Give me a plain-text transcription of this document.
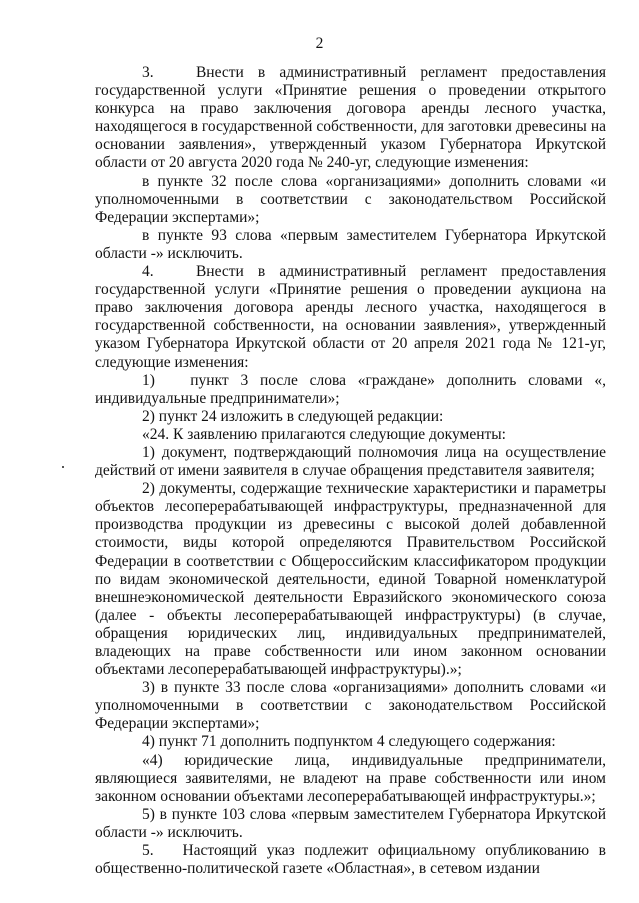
2

3.   Внести в административный регламент предоставления государственной услуги «Принятие решения о проведении открытого конкурса на право заключения договора аренды лесного участка, находящегося в государственной собственности, для заготовки древесины на основании заявления», утвержденный указом Губернатора Иркутской области от 20 августа 2020 года № 240-уг, следующие изменения:

в пункте 32 после слова «организациями» дополнить словами «и уполномоченными в соответствии с законодательством Российской Федерации экспертами»;

в пункте 93 слова «первым заместителем Губернатора Иркутской области -» исключить.

4.   Внести в административный регламент предоставления государственной услуги «Принятие решения о проведении аукциона на право заключения договора аренды лесного участка, находящегося в государственной собственности, на основании заявления», утвержденный указом Губернатора Иркутской области от 20 апреля 2021 года № 121-уг, следующие изменения:

1)   пункт 3 после слова «граждане» дополнить словами «, индивидуальные предприниматели»;

2) пункт 24 изложить в следующей редакции:

«24. К заявлению прилагаются следующие документы:

1) документ, подтверждающий полномочия лица на осуществление действий от имени заявителя в случае обращения представителя заявителя;

2) документы, содержащие технические характеристики и параметры объектов лесоперерабатывающей инфраструктуры, предназначенной для производства продукции из древесины с высокой долей добавленной стоимости, виды которой определяются Правительством Российской Федерации в соответствии с Общероссийским классификатором продукции по видам экономической деятельности, единой Товарной номенклатурой внешнеэкономической деятельности Евразийского экономического союза (далее - объекты лесоперерабатывающей инфраструктуры) (в случае, обращения юридических лиц, индивидуальных предпринимателей, владеющих на праве собственности или ином законном основании объектами лесоперерабатывающей инфраструктуры).»;

3) в пункте 33 после слова «организациями» дополнить словами «и уполномоченными в соответствии с законодательством Российской Федерации экспертами»;

4) пункт 71 дополнить подпунктом 4 следующего содержания:

«4) юридические лица, индивидуальные предприниматели, являющиеся заявителями, не владеют на праве собственности или ином законном основании объектами лесоперерабатывающей инфраструктуры.»;

5) в пункте 103 слова «первым заместителем Губернатора Иркутской области -» исключить.

5.   Настоящий указ подлежит официальному опубликованию в общественно-политической газете «Областная», в сетевом издании
